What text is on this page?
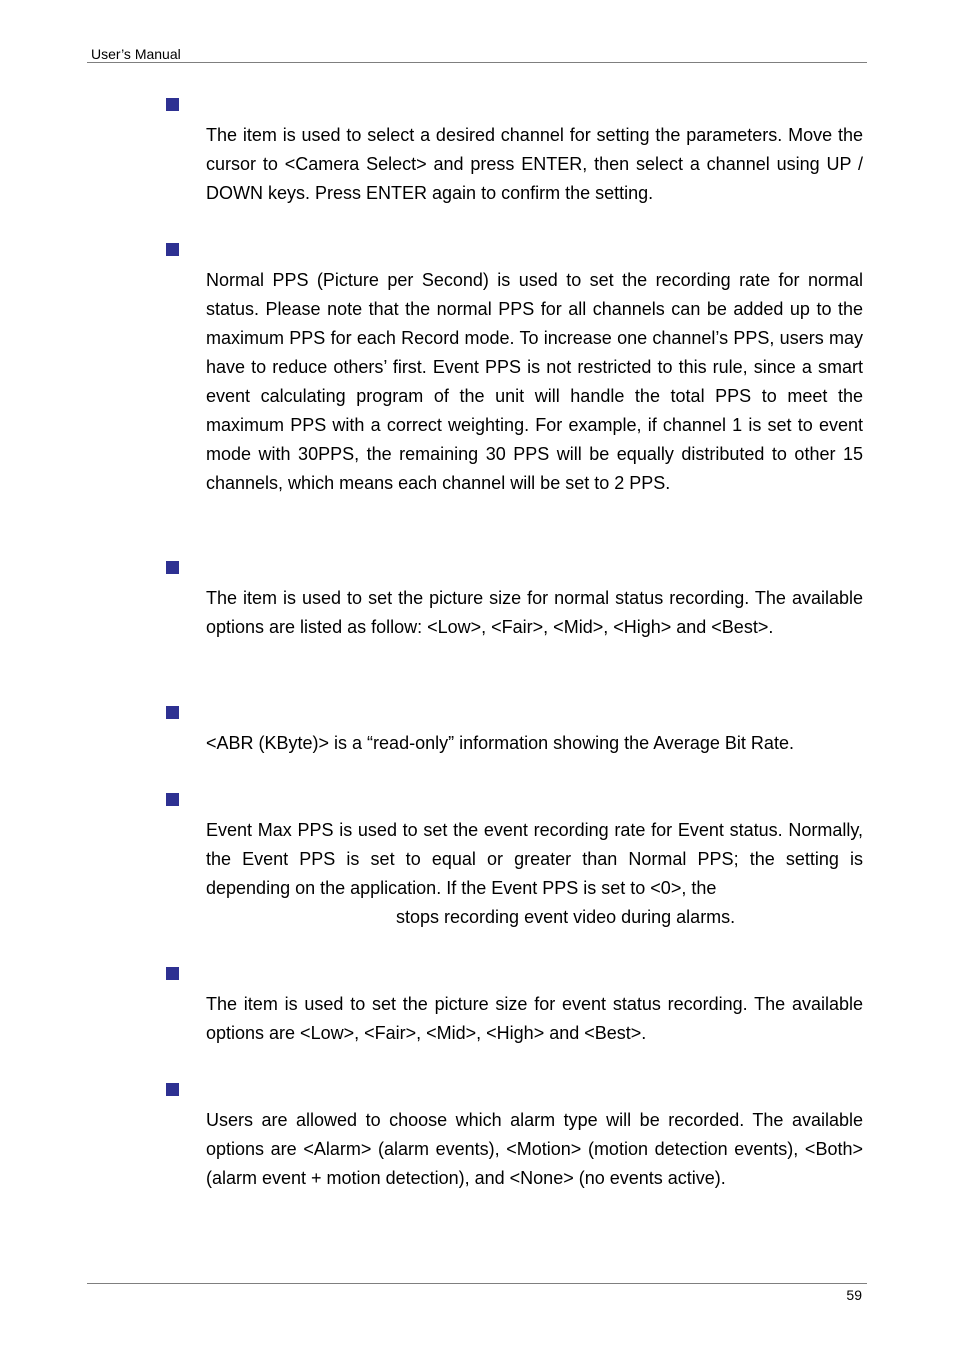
User’s Manual

The item is used to select a desired channel for setting the parameters. Move the cursor to <Camera Select> and press ENTER, then select a channel using UP / DOWN keys. Press ENTER again to confirm the setting.

Normal PPS (Picture per Second) is used to set the recording rate for normal status. Please note that the normal PPS for all channels can be added up to the maximum PPS for each Record mode. To increase one channel’s PPS, users may have to reduce others’ first. Event PPS is not restricted to this rule, since a smart event calculating program of the unit will handle the total PPS to meet the maximum PPS with a correct weighting. For example, if channel 1 is set to event mode with 30PPS, the remaining 30 PPS will be equally distributed to other 15 channels, which means each channel will be set to 2 PPS.

The item is used to set the picture size for normal status recording. The available options are listed as follow: <Low>, <Fair>, <Mid>, <High> and <Best>.

<ABR (KByte)> is a “read-only” information showing the Average Bit Rate.

Event Max PPS is used to set the event recording rate for Event status. Normally, the Event PPS is set to equal or greater than Normal PPS; the setting is depending on the application. If the Event PPS is set to <0>, the
stops recording event video during alarms.

The item is used to set the picture size for event status recording. The available options are <Low>, <Fair>, <Mid>, <High> and <Best>.

Users are allowed to choose which alarm type will be recorded. The available options are <Alarm> (alarm events), <Motion> (motion detection events), <Both> (alarm event + motion detection), and <None> (no events active).

59
